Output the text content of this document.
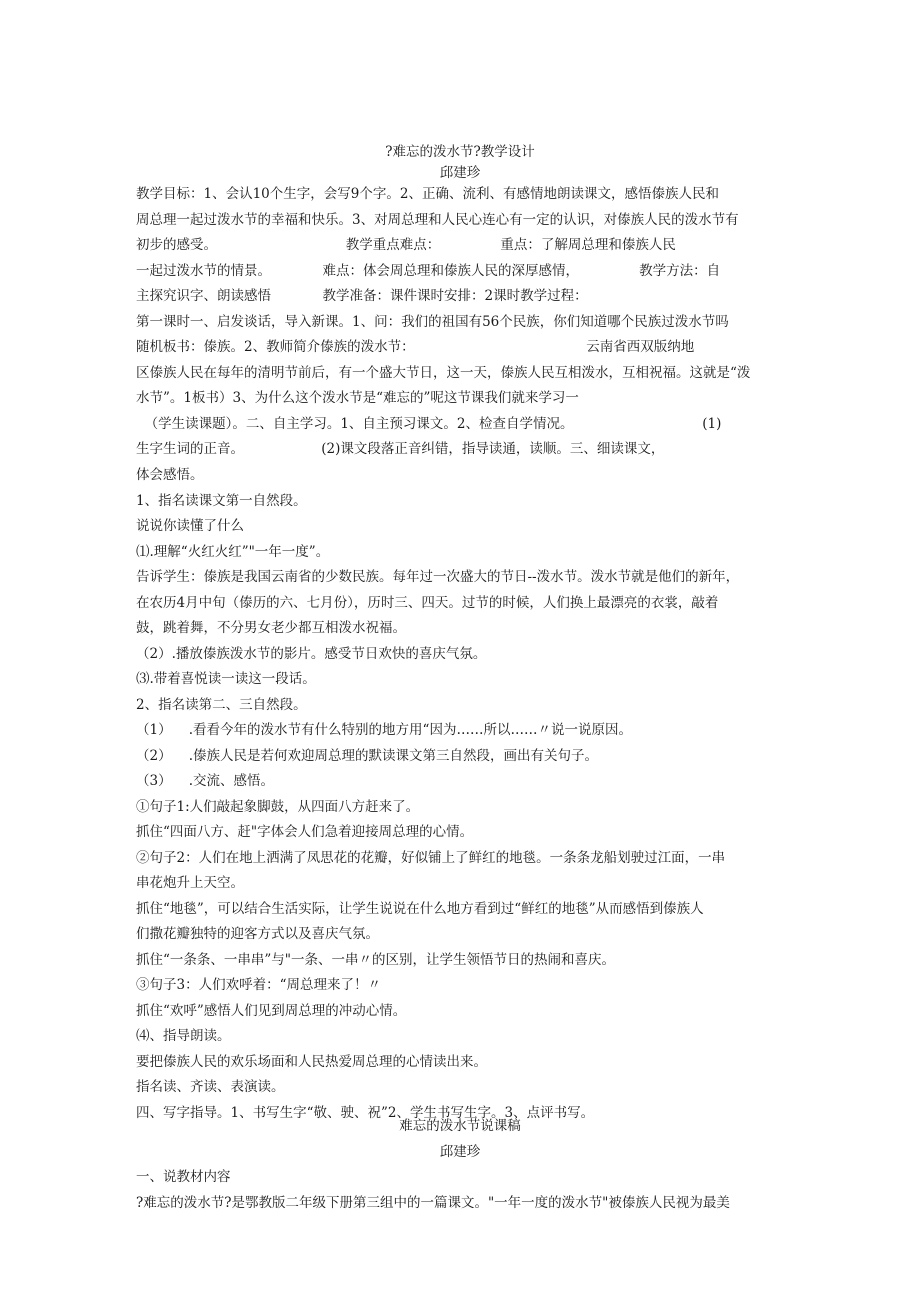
?难忘的泼水节?教学设计
邱建珍
教学目标：1、会认10个生字，会写9个字。2、正确、流利、有感情地朗读课文，感悟傣族人民和
周总理一起过泼水节的幸福和快乐。3、对周总理和人民心连心有一定的认识，对傣族人民的泼水节有
初步的感受。                              教学重点难点：              重点：了解周总理和傣族人民
一起过泼水节的情景。            难点：体会周总理和傣族人民的深厚感情，              教学方法：自
主探究识字、朗读感悟            教学准备：课件课时安排：2课时教学过程：
第一课时一、启发谈话，导入新课。1、问：我们的祖国有56个民族，你们知道哪个民族过泼水节吗
随机板书：傣族。2、教师简介傣族的泼水节：                                        云南省西双版纳地
区傣族人民在每年的清明节前后，有一个盛大节日，这一天，傣族人民互相泼水，互相祝福。这就是“泼
水节”。1板书）3、为什么这个泼水节是“难忘的”呢这节课我们就来学习一
（学生读课题）。二、自主学习。1、自主预习课文。2、检查自学情况。                              (1)
生字生词的正音。                  (2)课文段落正音纠错，指导读通，读顺。三、细读课文，
体会感悟。
1、指名读课文第一自然段。
说说你读懂了什么
⑴.理解“火红火红”"一年一度”。
告诉学生：傣族是我国云南省的少数民族。每年过一次盛大的节日--泼水节。泼水节就是他们的新年，
在农历4月中旬（傣历的六、七月份），历时三、四天。过节的时候，人们换上最漂亮的衣裳，敲着
鼓，跳着舞，不分男女老少都互相泼水祝福。
（2）.播放傣族泼水节的影片。感受节日欢快的喜庆气氛。
⑶.带着喜悦读一读这一段话。
2、指名读第二、三自然段。
（1）    .看看今年的泼水节有什么特别的地方用“因为……所以……〃说一说原因。
（2）    .傣族人民是若何欢迎周总理的默读课文第三自然段，画出有关句子。
（3）    .交流、感悟。
①句子1:人们敲起象脚鼓，从四面八方赶来了。
抓住“四面八方、赶"字体会人们急着迎接周总理的心情。
②句子2：人们在地上洒满了凤思花的花瓣，好似铺上了鲜红的地毯。一条条龙船划驶过江面，一串
串花炮升上天空。
抓住“地毯”，可以结合生活实际，让学生说说在什么地方看到过“鲜红的地毯”从而感悟到傣族人
们撒花瓣独特的迎客方式以及喜庆气氛。
抓住“一条条、一串串”与"一条、一串〃的区别，让学生领悟节日的热闹和喜庆。
③句子3：人们欢呼着：“周总理来了！〃
抓住“欢呼”感悟人们见到周总理的冲动心情。
⑷、指导朗读。
要把傣族人民的欢乐场面和人民热爱周总理的心情读出来。
指名读、齐读、表演读。
四、写字指导。1、书写生字“敬、驶、祝”2、学生书写生字。3、点评书写。
难忘的泼水节说课稿
邱建珍
一、说教材内容
?难忘的泼水节?是鄂教版二年级下册第三组中的一篇课文。"一年一度的泼水节"被傣族人民视为最美
